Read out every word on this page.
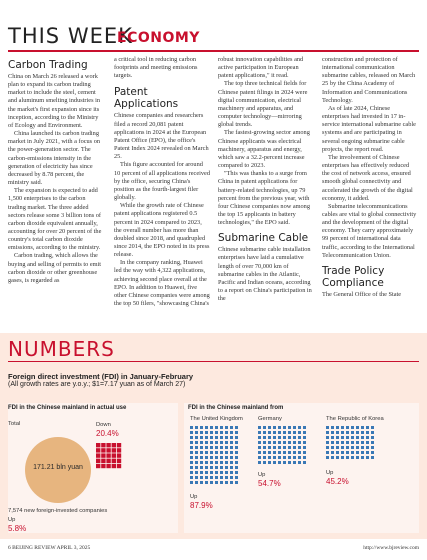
THIS WEEK
ECONOMY
Carbon Trading

China on March 26 released a work plan to expand its carbon trading market to include the steel, cement and aluminum smelting industries in the market's first expansion since its inception, according to the Ministry of Ecology and Environment.

China launched its carbon trading market in July 2021, with a focus on the power-generation sector. The carbon-emissions intensity in the generation of electricity has since decreased by 8.78 percent, the ministry said.

The expansion is expected to add 1,500 enterprises to the carbon trading market. The three added sectors release some 3 billion tons of carbon dioxide equivalent annually, accounting for over 20 percent of the country's total carbon dioxide emissions, according to the ministry.

Carbon trading, which allows the buying and selling of permits to emit carbon dioxide or other greenhouse gases, is regarded as

a critical tool in reducing carbon footprints and meeting emissions targets.

Patent Applications

Chinese companies and researchers filed a record 20,081 patent applications in 2024 at the European Patent Office (EPO), the office's Patent Index 2024 revealed on March 25.

This figure accounted for around 10 percent of all applications received by the office, securing China's position as the fourth-largest filer globally.

While the growth rate of Chinese patent applications registered 0.5 percent in 2024 compared to 2023, the overall number has more than doubled since 2018, and quadrupled since 2014, the EPO noted in its press release.

In the company ranking, Huawei led the way with 4,322 applications, achieving second place overall at the EPO. In addition to Huawei, five other Chinese companies were among the top 50 filers, "showcasing China's

robust innovation capabilities and active participation in European patent applications," it read.

The top three technical fields for Chinese patent filings in 2024 were digital communication, electrical machinery and apparatus, and computer technology—mirroring global trends.

The fastest-growing sector among Chinese applicants was electrical machinery, apparatus and energy, which saw a 32.2-percent increase compared to 2023.

"This was thanks to a surge from China in patent applications for battery-related technologies, up 79 percent from the previous year, with four Chinese companies now among the top 15 applicants in battery technologies," the EPO said.

Submarine Cable

Chinese submarine cable installation enterprises have laid a cumulative length of over 70,000 km of submarine cables in the Atlantic, Pacific and Indian oceans, according to a report on China's participation in the

construction and protection of international communication submarine cables, released on March 25 by the China Academy of Information and Communications Technology.

As of late 2024, Chinese enterprises had invested in 17 in-service international submarine cable systems and are participating in several ongoing submarine cable projects, the report read.

The involvement of Chinese enterprises has effectively reduced the cost of network access, ensured smooth global connectivity and accelerated the growth of the digital economy, it added.

Submarine telecommunications cables are vital to global connectivity and the development of the digital economy. They carry approximately 99 percent of international data traffic, according to the International Telecommunication Union.

Trade Policy Compliance

The General Office of the State

NUMBERS
Foreign direct investment (FDI) in January-February
(All growth rates are y.o.y.; $1=7.17 yuan as of March 27)
FDI in the Chinese mainland in actual use
Total
171.21 bln yuan
Down
20.4%
7,574 new foreign-invested companies
Up
5.8%
FDI in the Chinese mainland from
The United Kingdom
Up
87.9%
Germany
Up
54.7%
The Republic of Korea
Up
45.2%
6 BEIJING REVIEW APRIL 3, 2025	http://www.bjreview.com
